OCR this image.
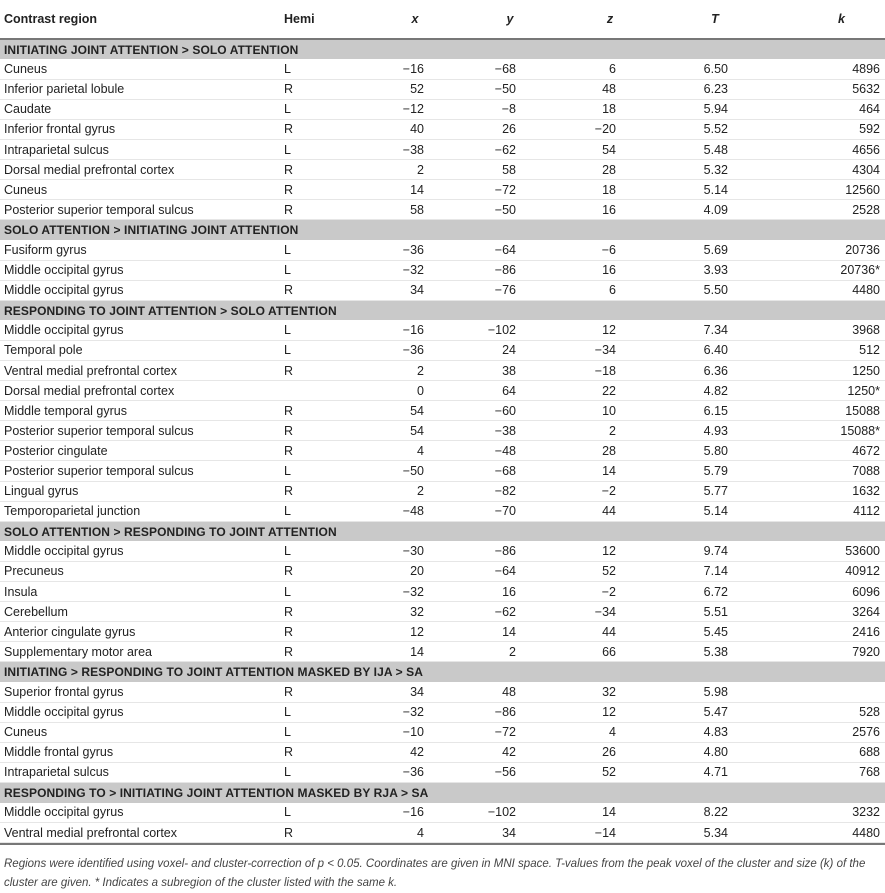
Contrast region	Hemi	x	y	z	T	k
INITIATING JOINT ATTENTION > SOLO ATTENTION						
Cuneus	L	−16	−68	6	6.50	4896
Inferior parietal lobule	R	52	−50	48	6.23	5632
Caudate	L	−12	−8	18	5.94	464
Inferior frontal gyrus	R	40	26	−20	5.52	592
Intraparietal sulcus	L	−38	−62	54	5.48	4656
Dorsal medial prefrontal cortex	R	2	58	28	5.32	4304
Cuneus	R	14	−72	18	5.14	12560
Posterior superior temporal sulcus	R	58	−50	16	4.09	2528
SOLO ATTENTION > INITIATING JOINT ATTENTION						
Fusiform gyrus	L	−36	−64	−6	5.69	20736
Middle occipital gyrus	L	−32	−86	16	3.93	20736*
Middle occipital gyrus	R	34	−76	6	5.50	4480
RESPONDING TO JOINT ATTENTION > SOLO ATTENTION						
Middle occipital gyrus	L	−16	−102	12	7.34	3968
Temporal pole	L	−36	24	−34	6.40	512
Ventral medial prefrontal cortex	R	2	38	−18	6.36	1250
Dorsal medial prefrontal cortex		0	64	22	4.82	1250*
Middle temporal gyrus	R	54	−60	10	6.15	15088
Posterior superior temporal sulcus	R	54	−38	2	4.93	15088*
Posterior cingulate	R	4	−48	28	5.80	4672
Posterior superior temporal sulcus	L	−50	−68	14	5.79	7088
Lingual gyrus	R	2	−82	−2	5.77	1632
Temporoparietal junction	L	−48	−70	44	5.14	4112
SOLO ATTENTION > RESPONDING TO JOINT ATTENTION						
Middle occipital gyrus	L	−30	−86	12	9.74	53600
Precuneus	R	20	−64	52	7.14	40912
Insula	L	−32	16	−2	6.72	6096
Cerebellum	R	32	−62	−34	5.51	3264
Anterior cingulate gyrus	R	12	14	44	5.45	2416
Supplementary motor area	R	14	2	66	5.38	7920
INITIATING > RESPONDING TO JOINT ATTENTION MASKED BY IJA > SA						
Superior frontal gyrus	R	34	48	32	5.98	
Middle occipital gyrus	L	−32	−86	12	5.47	528
Cuneus	L	−10	−72	4	4.83	2576
Middle frontal gyrus	R	42	42	26	4.80	688
Intraparietal sulcus	L	−36	−56	52	4.71	768
RESPONDING TO > INITIATING JOINT ATTENTION MASKED BY RJA > SA						
Middle occipital gyrus	L	−16	−102	14	8.22	3232
Ventral medial prefrontal cortex	R	4	34	−14	5.34	4480
Regions were identified using voxel- and cluster-correction of p < 0.05. Coordinates are given in MNI space. T-values from the peak voxel of the cluster and size (k) of the cluster are given. * Indicates a subregion of the cluster listed with the same k.
